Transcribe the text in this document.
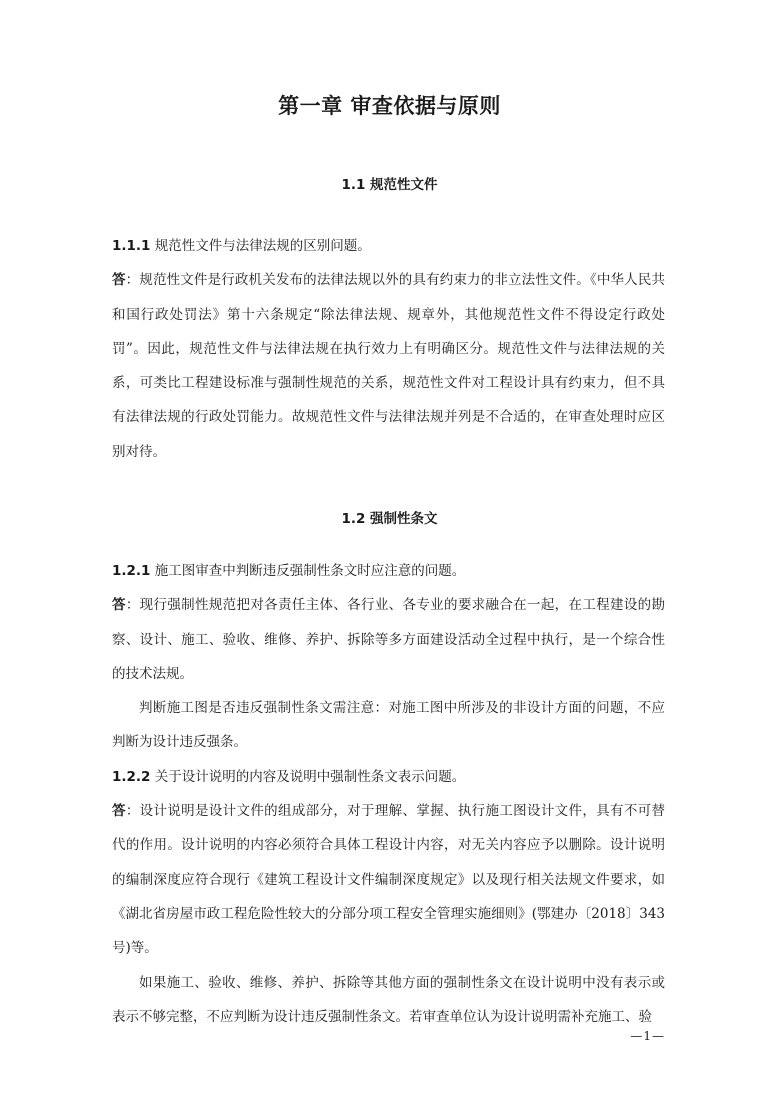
第一章 审查依据与原则
1.1 规范性文件
1.1.1 规范性文件与法律法规的区别问题。
答：规范性文件是行政机关发布的法律法规以外的具有约束力的非立法性文件。《中华人民共和国行政处罚法》第十六条规定“除法律法规、规章外，其他规范性文件不得设定行政处罚”。因此，规范性文件与法律法规在执行效力上有明确区分。规范性文件与法律法规的关系，可类比工程建设标准与强制性规范的关系，规范性文件对工程设计具有约束力，但不具有法律法规的行政处罚能力。故规范性文件与法律法规并列是不合适的，在审查处理时应区别对待。
1.2 强制性条文
1.2.1 施工图审查中判断违反强制性条文时应注意的问题。
答：现行强制性规范把对各责任主体、各行业、各专业的要求融合在一起，在工程建设的勘察、设计、施工、验收、维修、养护、拆除等多方面建设活动全过程中执行，是一个综合性的技术法规。
判断施工图是否违反强制性条文需注意：对施工图中所涉及的非设计方面的问题，不应判断为设计违反强条。
1.2.2 关于设计说明的内容及说明中强制性条文表示问题。
答：设计说明是设计文件的组成部分，对于理解、掌握、执行施工图设计文件，具有不可替代的作用。设计说明的内容必须符合具体工程设计内容，对无关内容应予以删除。设计说明的编制深度应符合现行《建筑工程设计文件编制深度规定》以及现行相关法规文件要求，如《湖北省房屋市政工程危险性较大的分部分项工程安全管理实施细则》(鄂建办〔2018〕343号)等。
如果施工、验收、维修、养护、拆除等其他方面的强制性条文在设计说明中没有表示或表示不够完整，不应判断为设计违反强制性条文。若审查单位认为设计说明需补充施工、验
—1—
